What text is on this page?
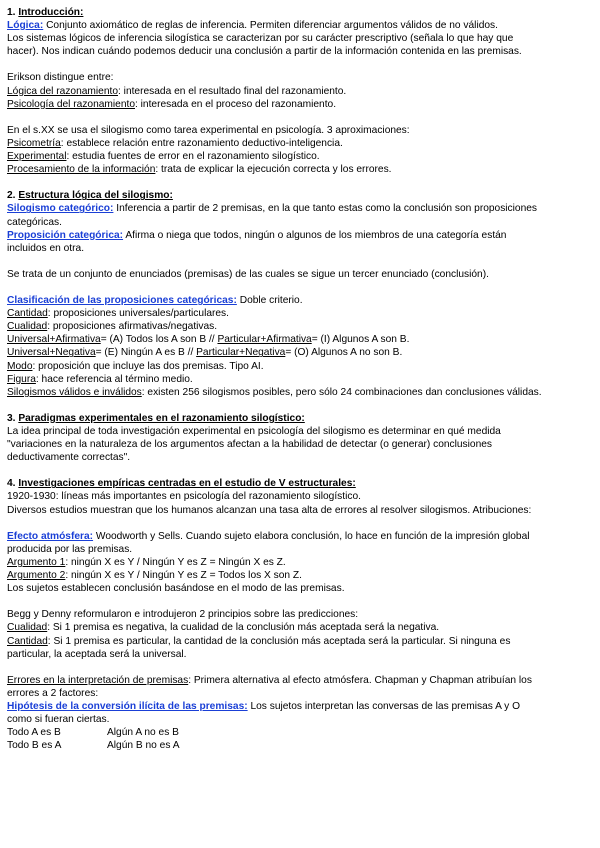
1. Introducción:
Lógica: Conjunto axiomático de reglas de inferencia. Permiten diferenciar argumentos válidos de no válidos.
Los sistemas lógicos de inferencia silogística se caracterizan por su carácter prescriptivo (señala lo que hay que
hacer). Nos indican cuándo podemos deducir una conclusión a partir de la información contenida en las premisas.
Erikson distingue entre:
Lógica del razonamiento: interesada en el resultado final del razonamiento.
Psicología del razonamiento: interesada en el proceso del razonamiento.
En el s.XX se usa el silogismo como tarea experimental en psicología. 3 aproximaciones:
Psicometría: establece relación entre razonamiento deductivo-inteligencia.
Experimental: estudia fuentes de error en el razonamiento silogístico.
Procesamiento de la información: trata de explicar la ejecución correcta y los errores.
2. Estructura lógica del silogismo:
Silogismo categórico: Inferencia a partir de 2 premisas, en la que tanto estas como la conclusión son proposiciones
categóricas.
Proposición categórica: Afirma o niega que todos, ningún o algunos de los miembros de una categoría están
incluidos en otra.
Se trata de un conjunto de enunciados (premisas) de las cuales se sigue un tercer enunciado (conclusión).
Clasificación de las proposiciones categóricas: Doble criterio.
Cantidad: proposiciones universales/particulares.
Cualidad: proposiciones afirmativas/negativas.
Universal+Afirmativa= (A) Todos los A son B // Particular+Afirmativa= (I) Algunos A son B.
Universal+Negativa= (E) Ningún A es B // Particular+Negativa= (O) Algunos A no son B.
Modo: proposición que incluye las dos premisas. Tipo AI.
Figura: hace referencia al término medio.
Silogismos válidos e inválidos: existen 256 silogismos posibles, pero sólo 24 combinaciones dan conclusiones válidas.
3. Paradigmas experimentales en el razonamiento silogístico:
La idea principal de toda investigación experimental en psicología del silogismo es determinar en qué medida
"variaciones en la naturaleza de los argumentos afectan a la habilidad de detectar (o generar) conclusiones
deductivamente correctas".
4. Investigaciones empíricas centradas en el estudio de V estructurales:
1920-1930: líneas más importantes en psicología del razonamiento silogístico.
Diversos estudios muestran que los humanos alcanzan una tasa alta de errores al resolver silogismos. Atribuciones:
Efecto atmósfera: Woodworth y Sells. Cuando sujeto elabora conclusión, lo hace en función de la impresión global
producida por las premisas.
Argumento 1: ningún X es Y / Ningún Y es Z = Ningún X es Z.
Argumento 2: ningún X es Y / Ningún Y es Z = Todos los X son Z.
Los sujetos establecen conclusión basándose en el modo de las premisas.
Begg y Denny reformularon e introdujeron 2 principios sobre las predicciones:
Cualidad: Si 1 premisa es negativa, la cualidad de la conclusión más aceptada será la negativa.
Cantidad: Si 1 premisa es particular, la cantidad de la conclusión más aceptada será la particular. Si ninguna es
particular, la aceptada será la universal.
Errores en la interpretación de premisas: Primera alternativa al efecto atmósfera. Chapman y Chapman atribuían los
errores a 2 factores:
Hipótesis de la conversión ilícita de las premisas: Los sujetos interpretan las conversas de las premisas A y O
como si fueran ciertas.
Todo A es B	Algún A no es B
Todo B es A	Algún B no es A
